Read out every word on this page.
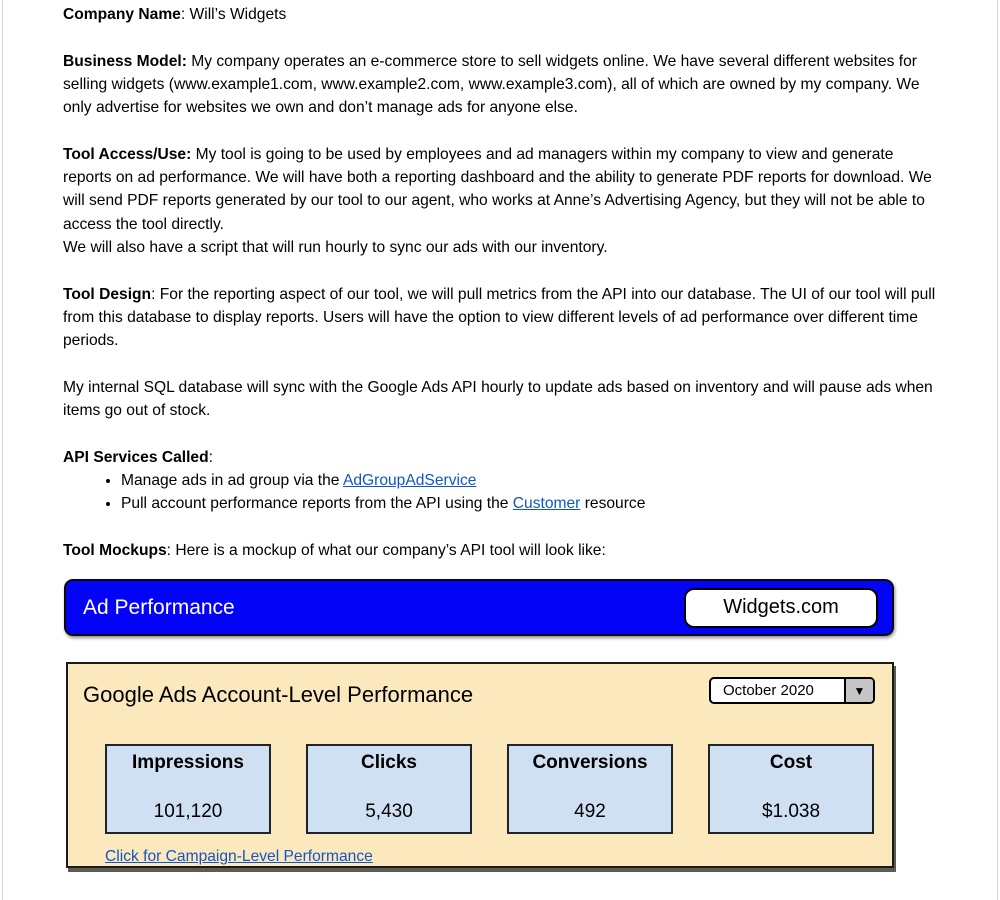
Company Name: Will’s Widgets

Business Model: My company operates an e-commerce store to sell widgets online. We have several different websites for selling widgets (www.example1.com, www.example2.com, www.example3.com), all of which are owned by my company. We only advertise for websites we own and don’t manage ads for anyone else.

Tool Access/Use: My tool is going to be used by employees and ad managers within my company to view and generate reports on ad performance. We will have both a reporting dashboard and the ability to generate PDF reports for download. We will send PDF reports generated by our tool to our agent, who works at Anne’s Advertising Agency, but they will not be able to access the tool directly.
We will also have a script that will run hourly to sync our ads with our inventory.

Tool Design: For the reporting aspect of our tool, we will pull metrics from the API into our database. The UI of our tool will pull from this database to display reports. Users will have the option to view different levels of ad performance over different time periods.

My internal SQL database will sync with the Google Ads API hourly to update ads based on inventory and will pause ads when items go out of stock.

API Services Called:

• Manage ads in ad group via the AdGroupAdService
• Pull account performance reports from the API using the Customer resource

Tool Mockups: Here is a mockup of what our company’s API tool will look like:

Ad Performance	Widgets.com
Google Ads Account-Level Performance	October 2020	▼
Impressions
101,120
Clicks
5,430
Conversions
492
Cost
$1.038
Click for Campaign-Level Performance
